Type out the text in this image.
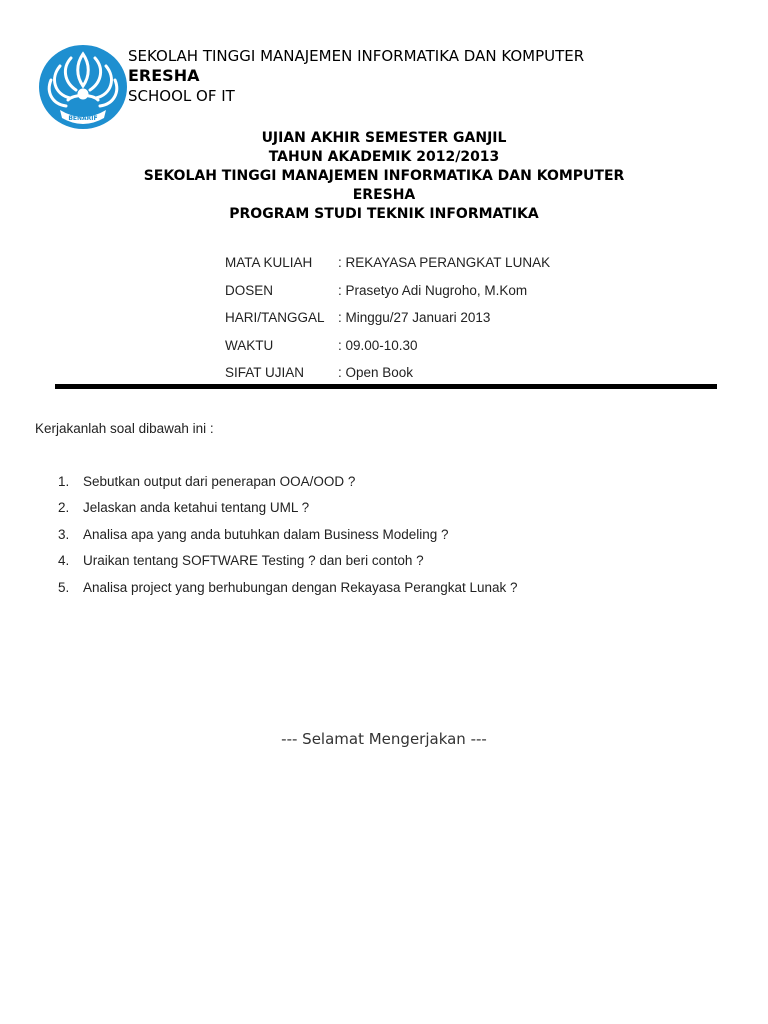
BENARIF
SEKOLAH TINGGI MANAJEMEN INFORMATIKA DAN KOMPUTER
ERESHA
SCHOOL OF IT
UJIAN AKHIR SEMESTER GANJIL
TAHUN AKADEMIK 2012/2013
SEKOLAH TINGGI MANAJEMEN INFORMATIKA DAN KOMPUTER
ERESHA
PROGRAM STUDI TEKNIK INFORMATIKA
MATA KULIAH	: REKAYASA PERANGKAT LUNAK
DOSEN	: Prasetyo Adi Nugroho, M.Kom
HARI/TANGGAL : Minggu/27 Januari 2013
WAKTU	: 09.00-10.30
SIFAT UJIAN	: Open Book
Kerjakanlah soal dibawah ini :
1.	Sebutkan output dari penerapan OOA/OOD ?
2.	Jelaskan anda ketahui tentang UML ?
3.	Analisa apa yang anda butuhkan dalam Business Modeling ?
4.	Uraikan tentang SOFTWARE Testing ? dan beri contoh ?
5.	Analisa project yang berhubungan dengan Rekayasa Perangkat Lunak ?
--- Selamat Mengerjakan ---
